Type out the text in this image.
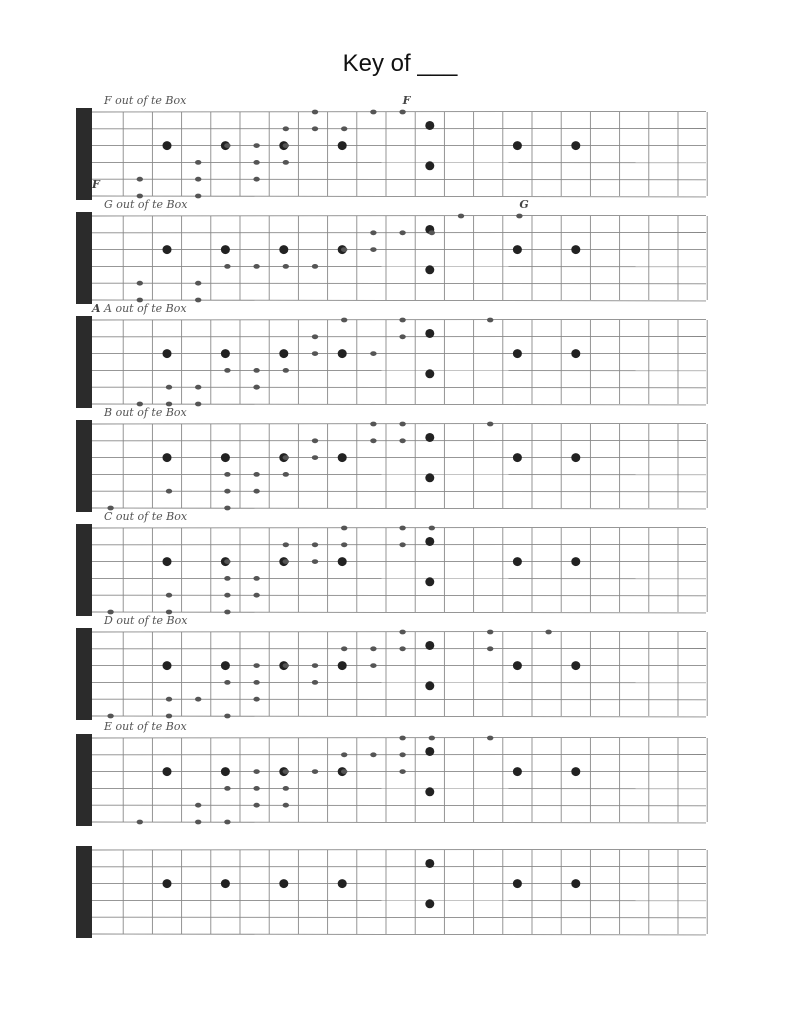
Key of ___
F out of te Box	F
F
G out of te Box	G
A out of te Box
A
B out of te Box
C out of te Box
D out of te Box
E out of te Box
